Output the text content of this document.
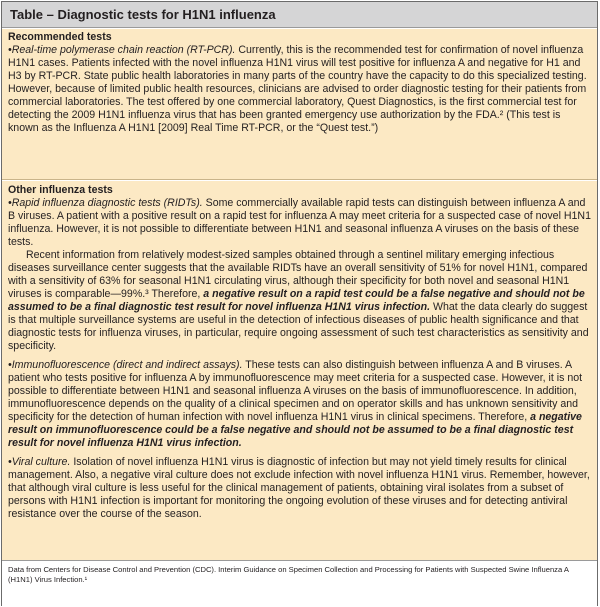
Table – Diagnostic tests for H1N1 influenza
Recommended tests

•Real-time polymerase chain reaction (RT-PCR). Currently, this is the recommended test for confirmation of novel influenza H1N1 cases. Patients infected with the novel influenza H1N1 virus will test positive for influenza A and negative for H1 and H3 by RT-PCR. State public health laboratories in many parts of the country have the capacity to do this specialized testing. However, because of limited public health resources, clinicians are advised to order diagnostic testing for their patients from commercial laboratories. The test offered by one commercial laboratory, Quest Diagnostics, is the first commercial test for detecting the 2009 H1N1 influenza virus that has been granted emergency use authorization by the FDA.² (This test is known as the Influenza A H1N1 [2009] Real Time RT-PCR, or the “Quest test.”)

Other influenza tests

•Rapid influenza diagnostic tests (RIDTs). Some commercially available rapid tests can distinguish between influenza A and B viruses. A patient with a positive result on a rapid test for influenza A may meet criteria for a suspected case of novel H1N1 influenza. However, it is not possible to differentiate between H1N1 and seasonal influenza A viruses on the basis of these tests.

Recent information from relatively modest-sized samples obtained through a sentinel military emerging infectious diseases surveillance center suggests that the available RIDTs have an overall sensitivity of 51% for novel H1N1, compared with a sensitivity of 63% for seasonal H1N1 circulating virus, although their specificity for both novel and seasonal H1N1 viruses is comparable—99%.³ Therefore, a negative result on a rapid test could be a false negative and should not be assumed to be a final diagnostic test result for novel influenza H1N1 virus infection. What the data clearly do suggest is that multiple surveillance systems are useful in the detection of infectious diseases of public health significance and that diagnostic tests for influenza viruses, in particular, require ongoing assessment of such test characteristics as sensitivity and specificity.

•Immunofluorescence (direct and indirect assays). These tests can also distinguish between influenza A and B viruses. A patient who tests positive for influenza A by immunofluorescence may meet criteria for a suspected case. However, it is not possible to differentiate between H1N1 and seasonal influenza A viruses on the basis of immunofluorescence. In addition, immunofluorescence depends on the quality of a clinical specimen and on operator skills and has unknown sensitivity and specificity for the detection of human infection with novel influenza H1N1 virus in clinical specimens. Therefore, a negative result on immunofluorescence could be a false negative and should not be assumed to be a final diagnostic test result for novel influenza H1N1 virus infection.

•Viral culture. Isolation of novel influenza H1N1 virus is diagnostic of infection but may not yield timely results for clinical management. Also, a negative viral culture does not exclude infection with novel influenza H1N1 virus. Remember, however, that although viral culture is less useful for the clinical management of patients, obtaining viral isolates from a subset of persons with H1N1 infection is important for monitoring the ongoing evolution of these viruses and for detecting antiviral resistance over the course of the season.

Data from Centers for Disease Control and Prevention (CDC). Interim Guidance on Specimen Collection and Processing for Patients with Suspected Swine Influenza A (H1N1) Virus Infection.¹
